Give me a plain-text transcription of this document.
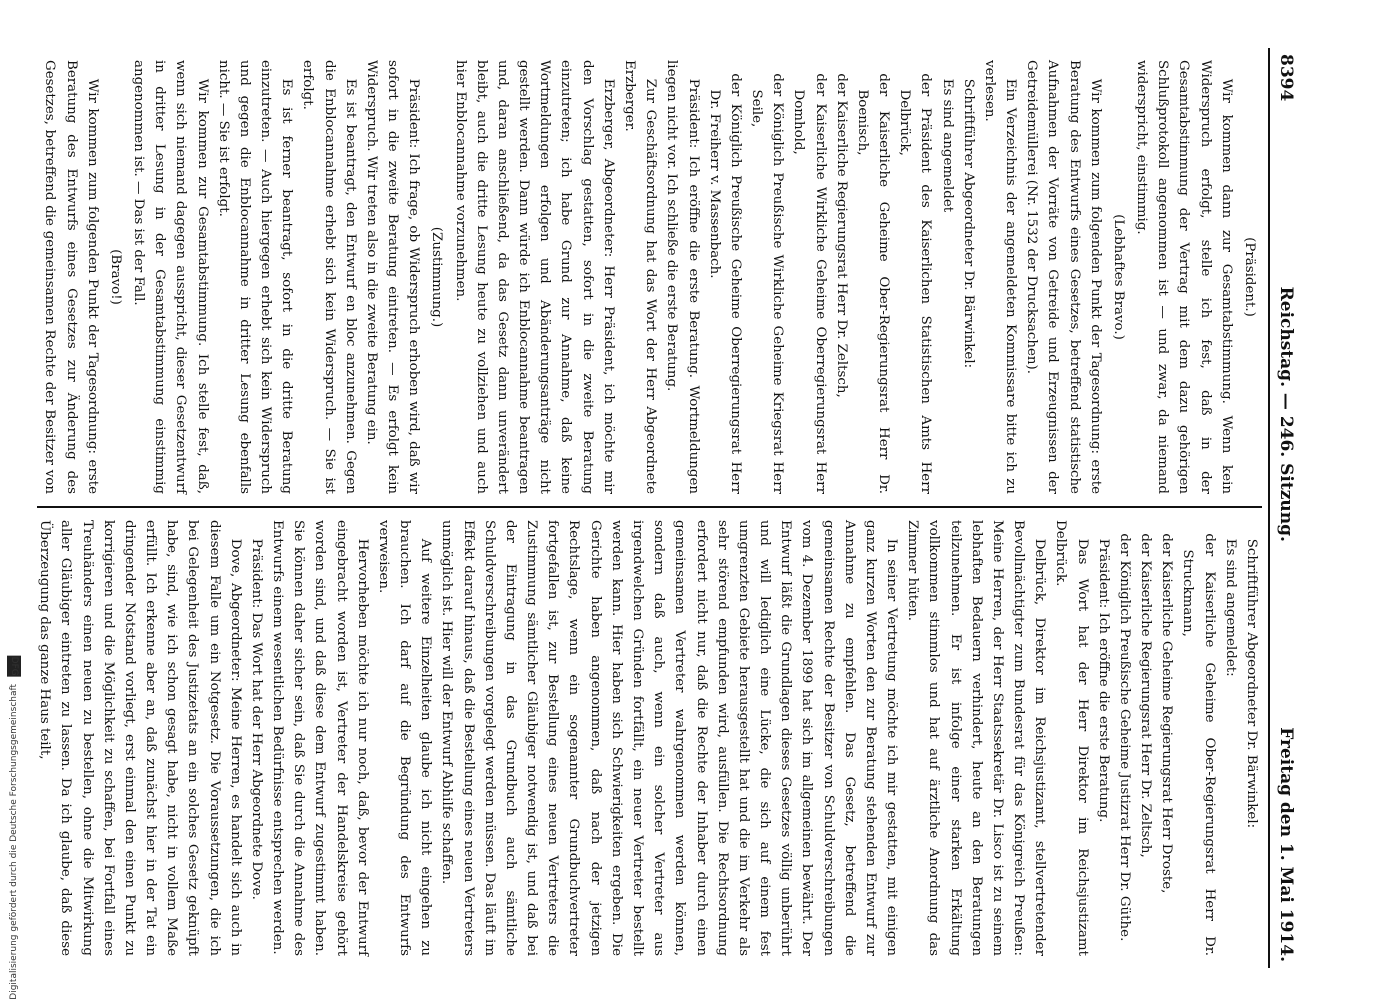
8394
Reichstag. — 246. Sitzung.
Freitag den 1. Mai 1914.

(Präsident.)

Wir kommen dann zur Gesamtabstimmung. Wenn kein Widerspruch erfolgt, stelle ich fest, daß in der Gesamtabstimmung der Vertrag mit dem dazu gehörigen Schlußprotokoll angenommen ist — und zwar, da niemand widerspricht, einstimmig.

(Lebhaftes Bravo.)

Wir kommen zum folgenden Punkt der Tagesordnung: erste Beratung des Entwurfs eines Gesetzes, betreffend statistische Aufnahmen der Vorräte von Getreide und Erzeugnissen der Getreidemüllerei (Nr. 1532 der Drucksachen).

Ein Verzeichnis der angemeldeten Kommissare bitte ich zu verlesen.

Schriftführer Abgeordneter Dr. Bärwinkel:

Es sind angemeldet

der Präsident des Kaiserlichen Statistischen Amts Herr Delbrück,

der Kaiserliche Geheime Ober-Regierungsrat Herr Dr. Boenisch,

der Kaiserliche Regierungsrat Herr Dr. Zeltsch,

der Kaiserliche Wirkliche Geheime Oberregierungsrat Herr Domhold,

der Königlich Preußische Wirkliche Geheime Kriegsrat Herr Seile,

der Königlich Preußische Geheime Oberregierungsrat Herr Dr. Freiherr v. Massenbach.

Präsident: Ich eröffne die erste Beratung. Wortmeldungen liegen nicht vor. Ich schließe die erste Beratung.

Zur Geschäftsordnung hat das Wort der Herr Abgeordnete Erzberger.

Erzberger, Abgeordneter: Herr Präsident, ich möchte mir den Vorschlag gestatten, sofort in die zweite Beratung einzutreten; ich habe Grund zur Annahme, daß keine Wortmeldungen erfolgen und Abänderungsanträge nicht gestellt werden. Dann würde ich Enblocannahme beantragen und, daran anschließend, da das Gesetz dann unverändert bleibt, auch die dritte Lesung heute zu vollziehen und auch hier Enblocannahme vorzunehmen.

(Zustimmung.)

Präsident: Ich frage, ob Widerspruch erhoben wird, daß wir sofort in die zweite Beratung eintreten. — Es erfolgt kein Widerspruch. Wir treten also in die zweite Beratung ein.

Es ist beantragt, den Entwurf en bloc anzunehmen. Gegen die Enblocannahme erhebt sich kein Widerspruch. — Sie ist erfolgt.

Es ist ferner beantragt, sofort in die dritte Beratung einzutreten. — Auch hiergegen erhebt sich kein Widerspruch und gegen die Enblocannahme in dritter Lesung ebenfalls nicht. — Sie ist erfolgt.

Wir kommen zur Gesamtabstimmung. Ich stelle fest, daß, wenn sich niemand dagegen ausspricht, dieser Gesetzentwurf in dritter Lesung in der Gesamtabstimmung einstimmig angenommen ist. — Das ist der Fall.

(Bravo!)

Wir kommen zum folgenden Punkt der Tagesordnung: erste Beratung des Entwurfs eines Gesetzes zur Änderung des Gesetzes, betreffend die gemeinsamen Rechte der Besitzer von

Schriftführer Abgeordneter Dr. Bärwinkel:

Es sind angemeldet:

der Kaiserliche Geheime Ober-Regierungsrat Herr Dr. Struckmann,

der Kaiserliche Geheime Regierungsrat Herr Droste,

der Kaiserliche Regierungsrat Herr Dr. Zeltsch,

der Königlich Preußische Geheime Justizrat Herr Dr. Güthe.

Präsident: Ich eröffne die erste Beratung.

Das Wort hat der Herr Direktor im Reichsjustizamt Delbrück.

Delbrück, Direktor im Reichsjustizamt, stellvertretender Bevollmächtigter zum Bundesrat für das Königreich Preußen: Meine Herren, der Herr Staatssekretär Dr. Lisco ist zu seinem lebhaften Bedauern verhindert, heute an den Beratungen teilzunehmen. Er ist infolge einer starken Erkältung vollkommen stimmlos und hat auf ärztliche Anordnung das Zimmer hüten.

In seiner Vertretung möchte ich mir gestatten, mit einigen ganz kurzen Worten den zur Beratung stehenden Entwurf zur Annahme zu empfehlen. Das Gesetz, betreffend die gemeinsamen Rechte der Besitzer von Schuldverschreibungen vom 4. Dezember 1899 hat sich im allgemeinen bewährt. Der Entwurf läßt die Grundlagen dieses Gesetzes völlig unberührt und will lediglich eine Lücke, die sich auf einem fest umgrenzten Gebiete herausgestellt hat und die im Verkehr als sehr störend empfunden wird, ausfüllen. Die Rechtsordnung erfordert nicht nur, daß die Rechte der Inhaber durch einen gemeinsamen Vertreter wahrgenommen werden können, sondern daß auch, wenn ein solcher Vertreter aus irgendwelchen Gründen fortfällt, ein neuer Vertreter bestellt werden kann. Hier haben sich Schwierigkeiten ergeben. Die Gerichte haben angenommen, daß nach der jetzigen Rechtslage, wenn ein sogenannter Grundbuchvertreter fortgefallen ist, zur Bestellung eines neuen Vertreters die Zustimmung sämtlicher Gläubiger notwendig ist, und daß bei der Eintragung in das Grundbuch auch sämtliche Schuldverschreibungen vorgelegt werden müssen. Das läuft im Effekt darauf hinaus, daß die Bestellung eines neuen Vertreters unmöglich ist. Hier will der Entwurf Abhilfe schaffen.

Auf weitere Einzelheiten glaube ich nicht eingehen zu brauchen. Ich darf auf die Begründung des Entwurfs verweisen.

Hervorheben möchte ich nur noch, daß, bevor der Entwurf eingebracht worden ist, Vertreter der Handelskreise gehört worden sind, und daß diese dem Entwurf zugestimmt haben. Sie können daher sicher sein, daß Sie durch die Annahme des Entwurfs einem wesentlichen Bedürfnisse entsprechen werden.

Präsident: Das Wort hat der Herr Abgeordnete Dove.

Dove, Abgeordneter: Meine Herren, es handelt sich auch in diesem Falle um ein Notgesetz. Die Voraussetzungen, die ich bei Gelegenheit des Justizetats an ein solches Gesetz geknüpft habe, sind, wie ich schon gesagt habe, nicht in vollem Maße erfüllt. Ich erkenne aber an, daß zunächst hier in der Tat ein dringender Notstand vorliegt, erst einmal den einen Punkt zu korrigieren und die Möglichkeit zu schaffen, bei Fortfall eines Treuhänders einen neuen zu bestellen, ohne die Mitwirkung aller Gläubiger eintreten zu lassen. Da ich glaube, daß diese Überzeugung das ganze Haus teilt,

Digitalisierung gefördert durch die Deutsche Forschungsgemeinschaft DFG
